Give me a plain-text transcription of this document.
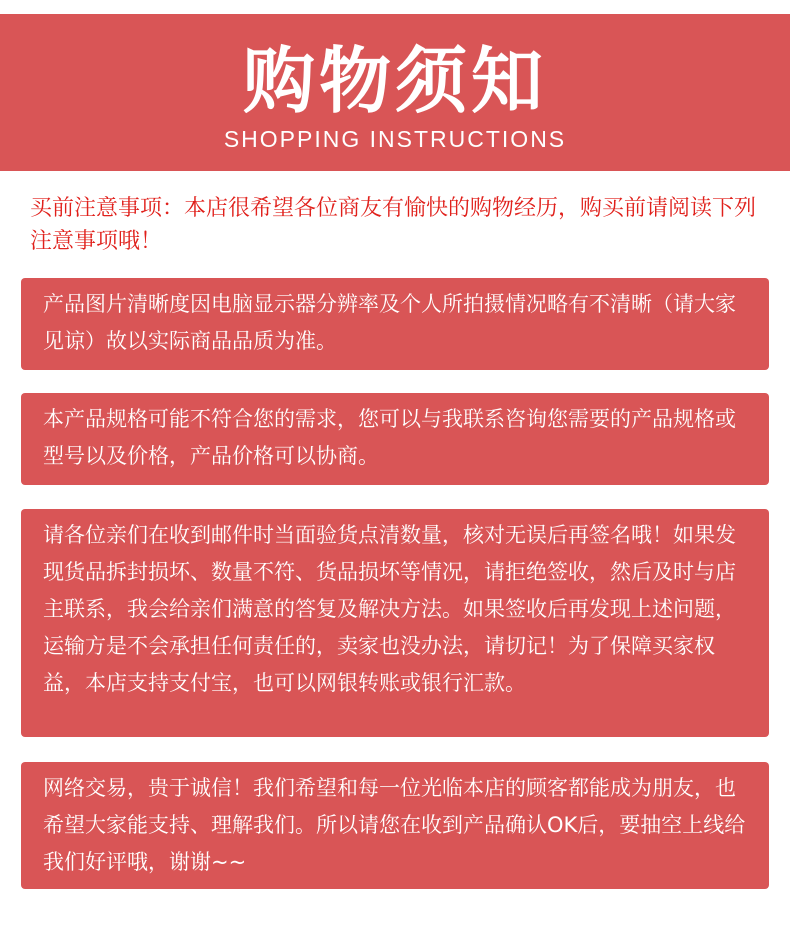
购物须知
SHOPPING INSTRUCTIONS

买前注意事项：本店很希望各位商友有愉快的购物经历，购买前请阅读下列注意事项哦！

产品图片清晰度因电脑显示器分辨率及个人所拍摄情况略有不清晰（请大家见谅）故以实际商品品质为准。

本产品规格可能不符合您的需求，您可以与我联系咨询您需要的产品规格或型号以及价格，产品价格可以协商。

请各位亲们在收到邮件时当面验货点清数量，核对无误后再签名哦！如果发现货品拆封损坏、数量不符、货品损坏等情况，请拒绝签收，然后及时与店主联系，我会给亲们满意的答复及解决方法。如果签收后再发现上述问题，运输方是不会承担任何责任的，卖家也没办法，请切记！为了保障买家权益，本店支持支付宝，也可以网银转账或银行汇款。

网络交易，贵于诚信！我们希望和每一位光临本店的顾客都能成为朋友，也希望大家能支持、理解我们。所以请您在收到产品确认OK后，要抽空上线给我们好评哦，谢谢~~
